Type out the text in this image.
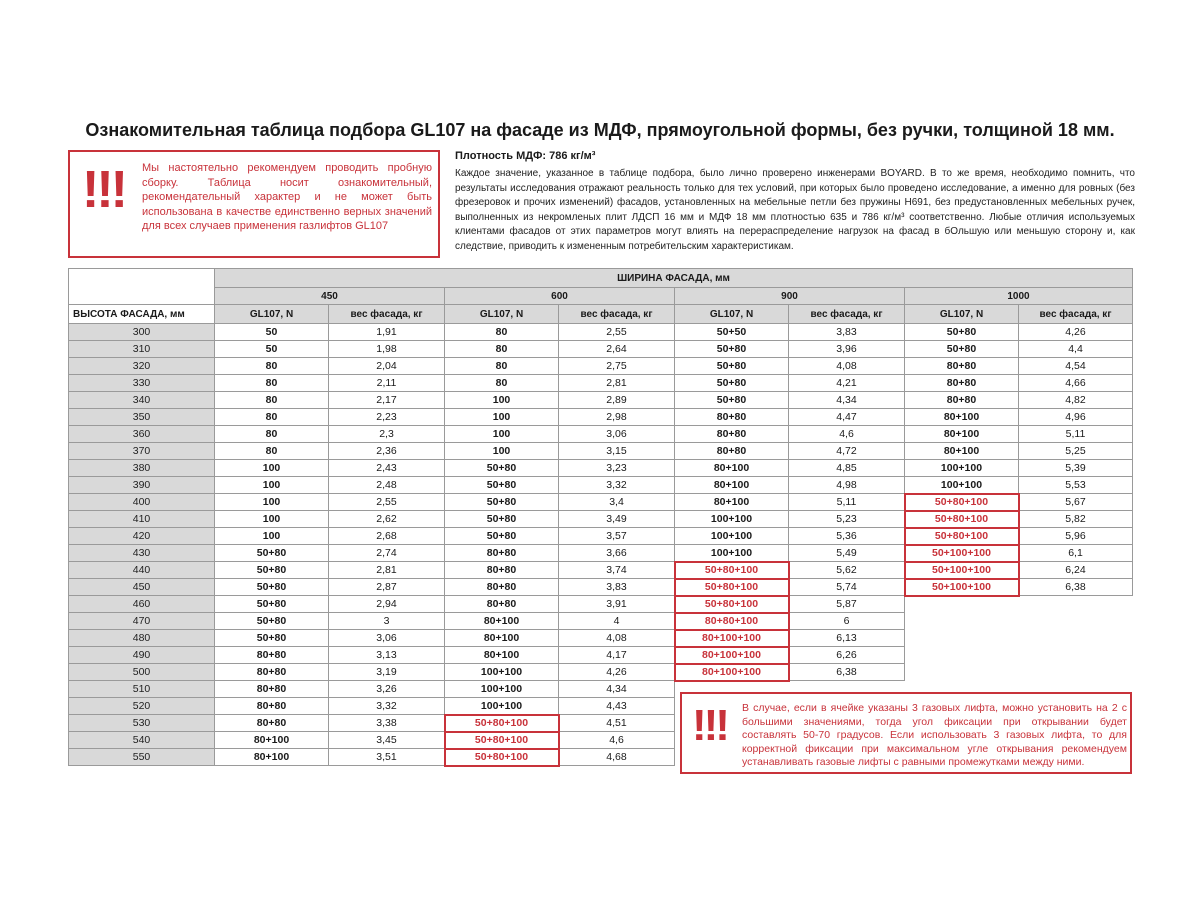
Ознакомительная таблица подбора GL107 на фасаде из МДФ, прямоугольной формы, без ручки, толщиной 18 мм.
!!! Мы настоятельно рекомендуем проводить пробную сборку. Таблица носит ознакомительный, рекомендательный характер и не может быть использована в качестве единственно верных значений для всех случаев применения газлифтов GL107
Плотность МДФ: 786 кг/м³
Каждое значение, указанное в таблице подбора, было лично проверено инженерами BOYARD. В то же время, необходимо помнить, что результаты исследования отражают реальность только для тех условий, при которых было проведено исследование, а именно для ровных (без фрезеровок и прочих изменений) фасадов, установленных на мебельные петли без пружины H691, без предустановленных мебельных ручек, выполненных из некромленых плит ЛДСП 16 мм и МДФ 18 мм плотностью 635 и 786 кг/м³ соответственно. Любые отличия используемых клиентами фасадов от этих параметров могут влиять на перераспределение нагрузок на фасад в бОльшую или меньшую сторону и, как следствие, приводить к измененным потребительским характеристикам.
	ШИРИНА ФАСАДА, мм							
	450		600		900		1000	
ВЫСОТА ФАСАДА, мм	GL107, N	вес фасада, кг	GL107, N	вес фасада, кг	GL107, N	вес фасада, кг	GL107, N	вес фасада, кг
300	50	1,91	80	2,55	50+50	3,83	50+80	4,26
310	50	1,98	80	2,64	50+80	3,96	50+80	4,4
320	80	2,04	80	2,75	50+80	4,08	80+80	4,54
330	80	2,11	80	2,81	50+80	4,21	80+80	4,66
340	80	2,17	100	2,89	50+80	4,34	80+80	4,82
350	80	2,23	100	2,98	80+80	4,47	80+100	4,96
360	80	2,3	100	3,06	80+80	4,6	80+100	5,11
370	80	2,36	100	3,15	80+80	4,72	80+100	5,25
380	100	2,43	50+80	3,23	80+100	4,85	100+100	5,39
390	100	2,48	50+80	3,32	80+100	4,98	100+100	5,53
400	100	2,55	50+80	3,4	80+100	5,11	50+80+100	5,67
410	100	2,62	50+80	3,49	100+100	5,23	50+80+100	5,82
420	100	2,68	50+80	3,57	100+100	5,36	50+80+100	5,96
430	50+80	2,74	80+80	3,66	100+100	5,49	50+100+100	6,1
440	50+80	2,81	80+80	3,74	50+80+100	5,62	50+100+100	6,24
450	50+80	2,87	80+80	3,83	50+80+100	5,74	50+100+100	6,38
460	50+80	2,94	80+80	3,91	50+80+100	5,87		
470	50+80	3	80+100	4	80+80+100	6		
480	50+80	3,06	80+100	4,08	80+100+100	6,13		
490	80+80	3,13	80+100	4,17	80+100+100	6,26		
500	80+80	3,19	100+100	4,26	80+100+100	6,38		
510	80+80	3,26	100+100	4,34				
520	80+80	3,32	100+100	4,43				
530	80+80	3,38	50+80+100	4,51				
540	80+100	3,45	50+80+100	4,6				
550	80+100	3,51	50+80+100	4,68				
!!! В случае, если в ячейке указаны 3 газовых лифта, можно установить на 2 с большими значениями, тогда угол фиксации при открывании будет составлять 50-70 градусов. Если использовать 3 газовых лифта, то для корректной фиксации при максимальном угле открывания рекомендуем устанавливать газовые лифты с равными промежутками между ними.
